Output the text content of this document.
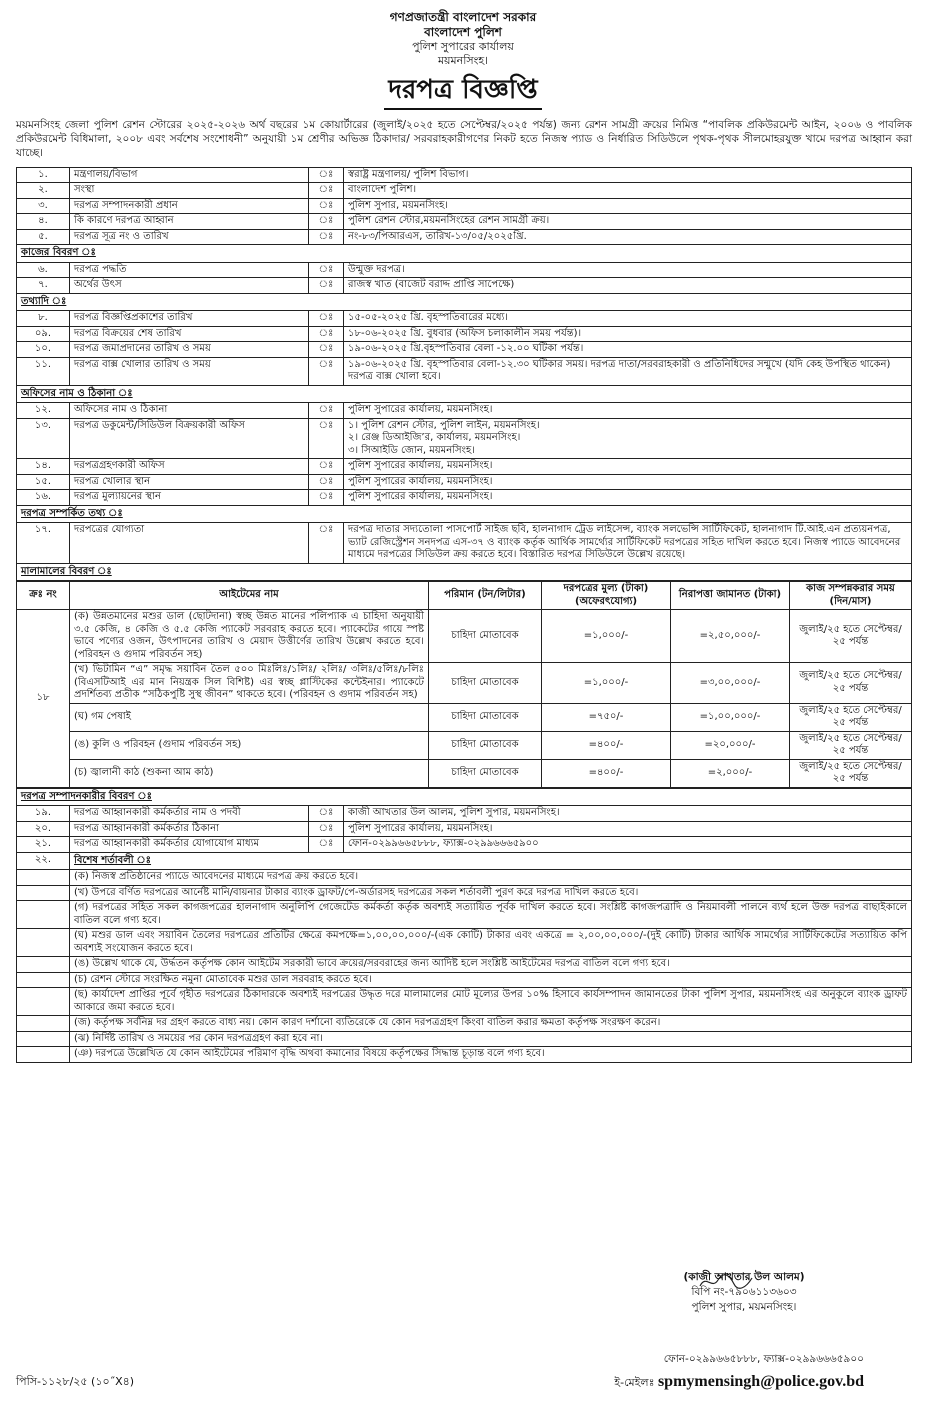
গণপ্রজাতন্ত্রী বাংলাদেশ সরকার
বাংলাদেশ পুলিশ
পুলিশ সুপারের কার্যালয়
ময়মনসিংহ।
দরপত্র বিজ্ঞপ্তি
ময়মনসিংহ জেলা পুলিশ রেশন স্টোরের ২০২৫-২০২৬ অর্থ বছরের ১ম কোয়ার্টারের (জুলাই/২০২৫ হতে সেপ্টেম্বর/২০২৫ পর্যন্ত) জন্য রেশন সামগ্রী ক্রয়ের নিমিত্ত “পাবলিক প্রকিউরমেন্ট আইন, ২০০৬ ও পাবলিক প্রকিউরমেন্ট বিধিমালা, ২০০৮ এবং সর্বশেষ সংশোধনী” অনুযায়ী ১ম শ্রেণীর অভিজ্ঞ ঠিকাদার/ সরবরাহকারীগণের নিকট হতে নিজস্ব প্যাড ও নির্ধারিত সিডিউলে পৃথক-পৃথক সীলমোহরযুক্ত খামে দরপত্র আহ্বান করা যাচ্ছে।
১.	মন্ত্রণালয়/বিভাগ	ঃ	স্বরাষ্ট্র মন্ত্রণালয়/ পুলিশ বিভাগ।
২.	সংস্থা	ঃ	বাংলাদেশ পুলিশ।
৩.	দরপত্র সম্পাদনকারী প্রধান	ঃ	পুলিশ সুপার, ময়মনসিংহ।
৪.	কি কারণে দরপত্র আহ্বান	ঃ	পুলিশ রেশন স্টোর,ময়মনসিংহের রেশন সামগ্রী ক্রয়।
৫.	দরপত্র সূত্র নং ও তারিখ	ঃ	নং-৮৩/পিআরএস, তারিখ-১৩/০৫/২০২৫খ্রি.
কাজের বিবরণ ঃ			
৬.	দরপত্র পদ্ধতি	ঃ	উন্মুক্ত দরপত্র।
৭.	অর্থের উৎস	ঃ	রাজস্ব খাত (বাজেট বরাদ্দ প্রাপ্তি সাপেক্ষে)
তথ্যাদি ঃ			
৮.	দরপত্র বিজ্ঞপ্তিপ্রকাশের তারিখ	ঃ	১৫-০৫-২০২৫ খ্রি. বৃহস্পতিবারের মধ্যে।
০৯.	দরপত্র বিক্রয়ের শেষ তারিখ	ঃ	১৮-০৬-২০২৫ খ্রি. বুধবার (অফিস চলাকালীন সময় পর্যন্ত)।
১০.	দরপত্র জমাপ্রদানের তারিখ ও সময়	ঃ	১৯-০৬-২০২৫ খ্রি.বৃহস্পতিবার বেলা -১২.০০ ঘটিকা পর্যন্ত।
১১.	দরপত্র বাক্স খোলার তারিখ ও সময়	ঃ	১৯-০৬-২০২৫ খ্রি. বৃহস্পতিবার বেলা-১২.৩০ ঘটিকার সময়। দরপত্র দাতা/সরবরাহকারী ও প্রতিনিধিদের সন্মুখে (যদি কেহ উপস্থিত থাকেন) দরপত্র বাক্স খোলা হবে।
অফিসের নাম ও ঠিকানা ঃ			
১২.	অফিসের নাম ও ঠিকানা	ঃ	পুলিশ সুপারের কার্যালয়, ময়মনসিংহ।
১৩.	দরপত্র ডকুমেন্ট/সিডিউল বিক্রয়কারী অফিস	ঃ	১। পুলিশ রেশন স্টোর, পুলিশ লাইন, ময়মনসিংহ।
২। রেঞ্জ ডিআইজি’র, কার্যালয়, ময়মনসিংহ।
৩। সিআইডি জোন, ময়মনসিংহ।
১৪.	দরপত্রগ্রহণকারী অফিস	ঃ	পুলিশ সুপারের কার্যালয়, ময়মনসিংহ।
১৫.	দরপত্র খোলার স্থান	ঃ	পুলিশ সুপারের কার্যালয়, ময়মনসিংহ।
১৬.	দরপত্র মুল্যায়নের স্থান	ঃ	পুলিশ সুপারের কার্যালয়, ময়মনসিংহ।
দরপত্র সম্পর্কিত তথ্য ঃ			
১৭.	দরপত্রের যোগ্যতা	ঃ	দরপত্র দাতার সদ্যতোলা পাসপোর্ট সাইজ ছবি, হালনাগাদ ট্রেড লাইসেন্স, ব্যাংক সলভেন্সি সার্টিফিকেট, হালনাগাদ টি.আই.এন প্রত্যয়নপত্র, ভ্যাট রেজিস্ট্রেশন সনদপত্র এস-৩৭ ও ব্যাংক কর্তৃক আর্থিক সামর্থ্যের সার্টিফিকেট দরপত্রের সহিত দাখিল করতে হবে। নিজস্ব প্যাডে আবেদনের মাধ্যমে দরপত্রের সিডিউল ক্রয় করতে হবে। বিস্তারিত দরপত্র সিডিউলে উল্লেখ রয়েছে।
মালামালের বিবরণ ঃ			
ক্রঃ নং	আইটেমের নাম	পরিমান (টন/লিটার)	দরপত্রের মুল্য (টাকা) (অফেরৎযোগ্য)	নিরাপত্তা জামানত (টাকা)	কাজ সম্পন্নকরার সময় (দিন/মাস)
১৮	(ক) উন্নতমানের মশুর ডাল (ছোটদানা) স্বচ্ছ উন্নত মানের পলিপ্যাক এ চাহিদা অনুযায়ী ৩.৫ কেজি, ৪ কেজি ও ৫.৫ কেজি প্যাকেট সরবরাহ করতে হবে। প্যাকেটের গায়ে স্পষ্ট ভাবে পণ্যের ওজন, উৎপাদনের তারিখ ও মেয়াদ উত্তীর্ণের তারিখ উল্লেখ করতে হবে। (পরিবহন ও গুদাম পরিবর্তন সহ)	চাহিদা মোতাবেক	=১,০০০/-	=২,৫০,০০০/-	জুলাই/২৫ হতে সেপ্টেম্বর/২৫ পর্যন্ত
	(খ) ভিটামিন “এ” সমৃদ্ধ সয়াবিন তৈল ৫০০ মিঃলিঃ/১লিঃ/ ২লিঃ/ ৩লিঃ/৫লিঃ/৮লিঃ (বিএসটিআই এর মান নিয়ন্ত্রক সিল বিশিষ্ট) এর স্বচ্ছ প্লাস্টিকের কন্টেইনার। প্যাকেটে প্রদর্শিতব্য প্রতীক “সঠিকপুষ্টি সুস্থ জীবন” থাকতে হবে। (পরিবহন ও গুদাম পরিবর্তন সহ)	চাহিদা মোতাবেক	=১,০০০/-	=৩,০০,০০০/-	জুলাই/২৫ হতে সেপ্টেম্বর/২৫ পর্যন্ত
	(ঘ) গম পেষাই	চাহিদা মোতাবেক	=৭৫০/-	=১,০০,০০০/-	জুলাই/২৫ হতে সেপ্টেম্বর/২৫ পর্যন্ত
	(ঙ) কুলি ও পরিবহন (গুদাম পরিবর্তন সহ)	চাহিদা মোতাবেক	=৪০০/-	=২০,০০০/-	জুলাই/২৫ হতে সেপ্টেম্বর/২৫ পর্যন্ত
	(চ) জ্বালানী কাঠ (শুকনা আম কাঠ)	চাহিদা মোতাবেক	=৪০০/-	=২,০০০/-	জুলাই/২৫ হতে সেপ্টেম্বর/২৫ পর্যন্ত
দরপত্র সম্পাদনকারীর বিবরণ ঃ			
১৯.	দরপত্র আহ্বানকারী কর্মকর্তার নাম ও পদবী	ঃ	কাজী আখতার উল আলম, পুলিশ সুপার, ময়মনসিংহ।
২০.	দরপত্র আহ্বানকারী কর্মকর্তার ঠিকানা	ঃ	পুলিশ সুপারের কার্যালয়, ময়মনসিংহ।
২১.	দরপত্র আহ্বানকারী কর্মকর্তার যোগাযোগ মাধ্যম	ঃ	ফোন-০২৯৯৬৬৫৮৮৮, ফ্যাক্স-০২৯৯৬৬৬৫৯০০
২২.	বিশেষ শর্তাবলী ঃ		
	(ক) নিজস্ব প্রতিষ্ঠানের প্যাডে আবেদনের মাধ্যমে দরপত্র ক্রয় করতে হবে।		
	(খ) উপরে বর্ণিত দরপত্রের আর্নেষ্ট মানি/বায়নার টাকার ব্যাংক ড্রাফট/পে-অর্ডারসহ দরপত্রের সকল শর্তাবলী পুরণ করে দরপত্র দাখিল করতে হবে।		
	(গ) দরপত্রের সহিত সকল কাগজপত্রের হালনাগাদ অনুলিপি গেজেটেড কর্মকর্তা কর্তৃক অবশ্যই সত্যায়িত পূর্বক দাখিল করতে হবে। সংশ্লিষ্ট কাগজপত্রাদি ও নিয়মাবলী পালনে ব্যর্থ হলে উক্ত দরপত্র বাছাইকালে বাতিল বলে গণ্য হবে।		
	(ঘ) মশুর ডাল এবং সয়াবিন তৈলের দরপত্রের প্রতিটির ক্ষেত্রে কমপক্ষে=১,০০,০০,০০০/-(এক কোটি) টাকার এবং একত্রে = ২,০০,০০,০০০/-(দুই কোটি) টাকার আর্থিক সামর্থ্যের সার্টিফিকেটের সত্যায়িত কপি অবশ্যই সংযোজন করতে হবে।		
	(ঙ) উল্লেখ থাকে যে, উর্দ্ধতন কর্তৃপক্ষ কোন আইটেম সরকারী ভাবে ক্রয়ের/সরবরাহের জন্য আদিষ্ট হলে সংশ্লিষ্ট আইটেমের দরপত্র বাতিল বলে গণ্য হবে।		
	(চ) রেশন স্টোরে সংরক্ষিত নমুনা মোতাবেক মশুর ডাল সরবরাহ করতে হবে।		
	(ছ) কার্যাদেশ প্রাপ্তির পূর্বে গৃহীত দরপত্রের ঠিকাদারকে অবশ্যই দরপত্রের উদ্ধৃত দরে মালামালের মোট মূল্যের উপর ১০% হিসাবে কার্যসম্পাদন জামানতের টাকা পুলিশ সুপার, ময়মনসিংহ এর অনুকূলে ব্যাংক ড্রাফট আকারে জমা করতে হবে।		
	(জ) কর্তৃপক্ষ সর্বনিম্ন দর গ্রহণ করতে বাধ্য নয়। কোন কারণ দর্শানো ব্যতিরেকে যে কোন দরপত্রগ্রহণ কিংবা বাতিল করার ক্ষমতা কর্তৃপক্ষ সংরক্ষণ করেন।		
	(ঝ) নির্দিষ্ট তারিখ ও সময়ের পর কোন দরপত্রগ্রহণ করা হবে না।		
	(ঞ) দরপত্রে উল্লেখিত যে কোন আইটেমের পরিমাণ বৃদ্ধি অথবা কমানোর বিষয়ে কর্তৃপক্ষের সিদ্ধান্ত চূড়ান্ত বলে গণ্য হবে।		
(কাজী আখতার উল আলম)
বিপি নং-৭৯০৬১১৩৬০৩
পুলিশ সুপার, ময়মনসিংহ।
ফোন-০২৯৯৬৬৫৮৮৮, ফ্যাক্স-০২৯৯৬৬৬৫৯০০
ই-মেইলঃ spmymensingh@police.gov.bd
পিসি-১১২৮/২৫ (১০˝X৪)
